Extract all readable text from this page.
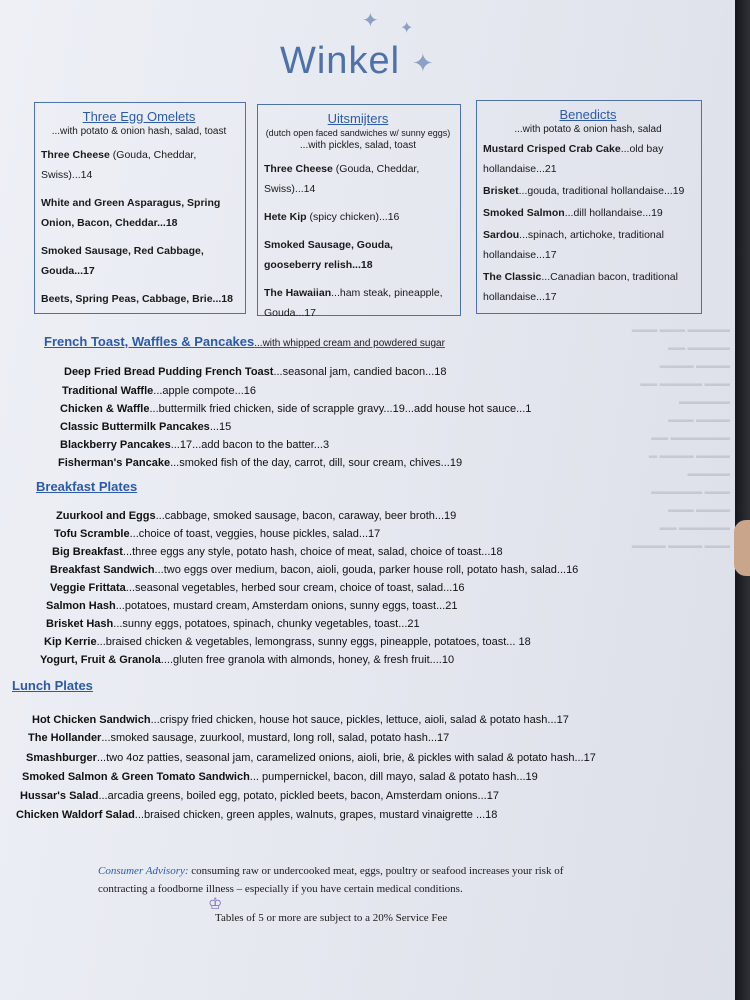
▬▬▬▬▬ ▬▬▬ ▬▬▬
▬▬▬▬▬ ▬▬
▬▬▬▬ ▬▬▬▬
▬▬▬ ▬▬▬▬▬ ▬▬
▬▬▬▬▬▬
▬▬▬▬ ▬▬▬
▬▬▬▬▬▬▬ ▬▬
▬▬▬▬ ▬▬▬▬ ▬
▬▬▬▬▬
▬▬▬ ▬▬▬▬▬▬
▬▬▬▬ ▬▬▬
▬▬▬▬▬▬ ▬▬
▬▬▬ ▬▬▬▬ ▬▬▬▬
✦ ✦
Winkel ✦
Three Egg Omelets
...with potato & onion hash, salad, toast
Three Cheese (Gouda, Cheddar, Swiss)...14
White and Green Asparagus, Spring Onion, Bacon, Cheddar...18
Smoked Sausage, Red Cabbage, Gouda...17
Beets, Spring Peas, Cabbage, Brie...18
Uitsmijters
(dutch open faced sandwiches w/ sunny eggs)
...with pickles, salad, toast
Three Cheese (Gouda, Cheddar, Swiss)...14
Hete Kip (spicy chicken)...16
Smoked Sausage, Gouda, gooseberry relish...18
The Hawaiian...ham steak, pineapple, Gouda...17
Benedicts
...with potato & onion hash, salad
Mustard Crisped Crab Cake...old bay hollandaise...21
Brisket...gouda, traditional hollandaise...19
Smoked Salmon...dill hollandaise...19
Sardou...spinach, artichoke, traditional hollandaise...17
The Classic...Canadian bacon, traditional hollandaise...17
French Toast, Waffles & Pancakes...with whipped cream and powdered sugar
Deep Fried Bread Pudding French Toast...seasonal jam, candied bacon...18
Traditional Waffle...apple compote...16
Chicken & Waffle...buttermilk fried chicken, side of scrapple gravy...19...add house hot sauce...1
Classic Buttermilk Pancakes...15
Blackberry Pancakes...17...add bacon to the batter...3
Fisherman's Pancake...smoked fish of the day, carrot, dill, sour cream, chives...19
Breakfast Plates
Zuurkool and Eggs...cabbage, smoked sausage, bacon, caraway, beer broth...19
Tofu Scramble...choice of toast, veggies, house pickles, salad...17
Big Breakfast...three eggs any style, potato hash, choice of meat, salad, choice of toast...18
Breakfast Sandwich...two eggs over medium, bacon, aioli, gouda, parker house roll, potato hash, salad...16
Veggie Frittata...seasonal vegetables, herbed sour cream, choice of toast, salad...16
Salmon Hash...potatoes, mustard cream, Amsterdam onions, sunny eggs, toast...21
Brisket Hash...sunny eggs, potatoes, spinach, chunky vegetables, toast...21
Kip Kerrie...braised chicken & vegetables, lemongrass, sunny eggs, pineapple, potatoes, toast... 18
Yogurt, Fruit & Granola....gluten free granola with almonds, honey, & fresh fruit....10
Lunch Plates
Hot Chicken Sandwich...crispy fried chicken, house hot sauce, pickles, lettuce, aioli, salad & potato hash...17
The Hollander...smoked sausage, zuurkool, mustard, long roll, salad, potato hash...17
Smashburger...two 4oz patties, seasonal jam, caramelized onions, aioli, brie, & pickles with salad & potato hash...17
Smoked Salmon & Green Tomato Sandwich... pumpernickel, bacon, dill mayo, salad & potato hash...19
Hussar's Salad...arcadia greens, boiled egg, potato, pickled beets, bacon, Amsterdam onions...17
Chicken Waldorf Salad...braised chicken, green apples, walnuts, grapes, mustard vinaigrette ...18
Consumer Advisory: consuming raw or undercooked meat, eggs, poultry or seafood increases your risk of contracting a foodborne illness – especially if you have certain medical conditions.
♔
Tables of 5 or more are subject to a 20% Service Fee
